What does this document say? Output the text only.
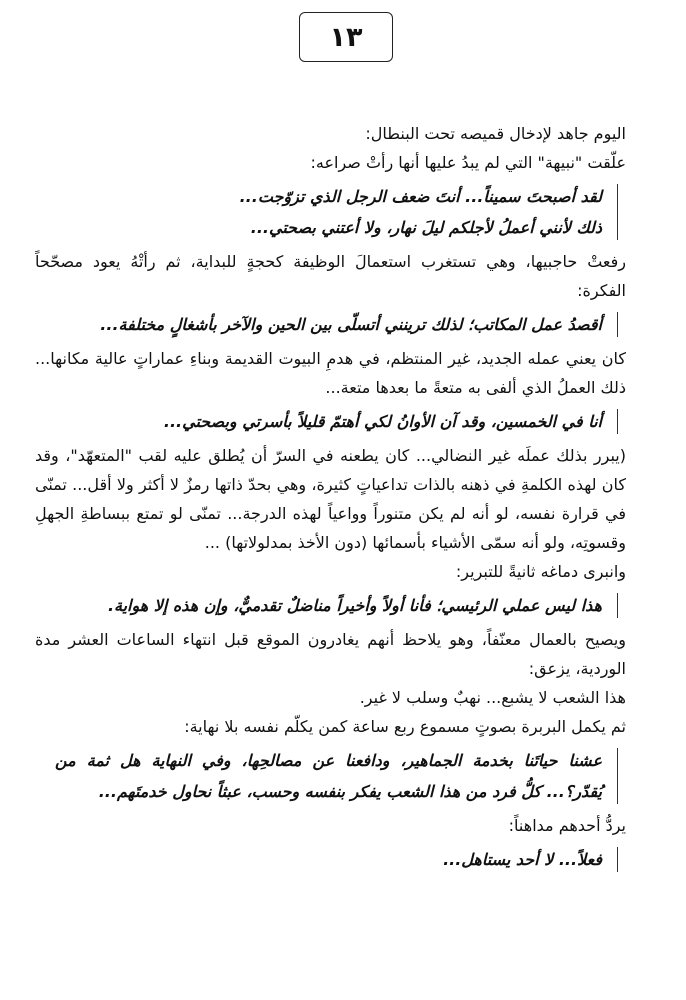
١٣

اليوم جاهد لإدخال قميصه تحت البنطال:

علّقت "نبيهة" التي لم يبدُ عليها أنها رأتْ صراعه:

لقد أصبحتَ سميناً... أنتَ ضعف الرجل الذي تزوّجت...
ذلك لأنني أعملُ لأجلكم ليلَ نهار، ولا أعتني بصحتي...

رفعتْ حاجبيها، وهي تستغرب استعمالَ الوظيفة كحجةٍ للبداية، ثم رأتْهُ يعود مصحّحاً الفكرة:

أقصدُ عمل المكاتب؛ لذلك ترينني أتسلّى بين الحين والآخر بأشغالٍ مختلفة...

كان يعني عمله الجديد، غير المنتظم، في هدمِ البيوت القديمة وبناءِ عماراتٍ عالية مكانها... ذلك العملُ الذي ألفى به متعةً ما بعدها متعة...

أنا في الخمسين، وقد آن الأوانُ لكي أهتمّ قليلاً بأسرتي وبصحتي...

(يبرر بذلك عملَه غير النضالي... كان يطعنه في السرّ أن يُطلق عليه لقب "المتعهّد"، وقد كان لهذه الكلمةِ في ذهنه بالذات تداعياتٍ كثيرة، وهي بحدّ ذاتها رمزٌ لا أكثر ولا أقل... تمنّى في قرارة نفسه، لو أنه لم يكن متنوراً وواعياً لهذه الدرجة... تمنّى لو تمتع ببساطةِ الجهلِ وقسوتِه، ولو أنه سمّى الأشياء بأسمائها (دون الأخذ بمدلولاتها) ...

وانبرى دماغه ثانيةً للتبرير:

هذا ليس عملي الرئيسي؛ فأنا أولاً وأخيراً مناضلٌ تقدميٌّ، وإن هذه إلا هواية.

ويصيح بالعمال معنّفاً، وهو يلاحظ أنهم يغادرون الموقع قبل انتهاء الساعات العشر مدة الوردية، يزعق:

هذا الشعب لا يشبع... نهبٌ وسلب لا غير.

ثم يكمل البربرة بصوتٍ مسموع ربع ساعة كمن يكلّم نفسه بلا نهاية:

عشنا حياتَنا بخدمة الجماهير، ودافعنا عن مصالحِها، وفي النهاية هل ثمة من يُقدّر؟... كلُّ فرد من هذا الشعب يفكر بنفسه وحسب، عبثاً نحاول خدمتَهم...

يردُّ أحدهم مداهناً:

فعلاً... لا أحد يستاهل...
